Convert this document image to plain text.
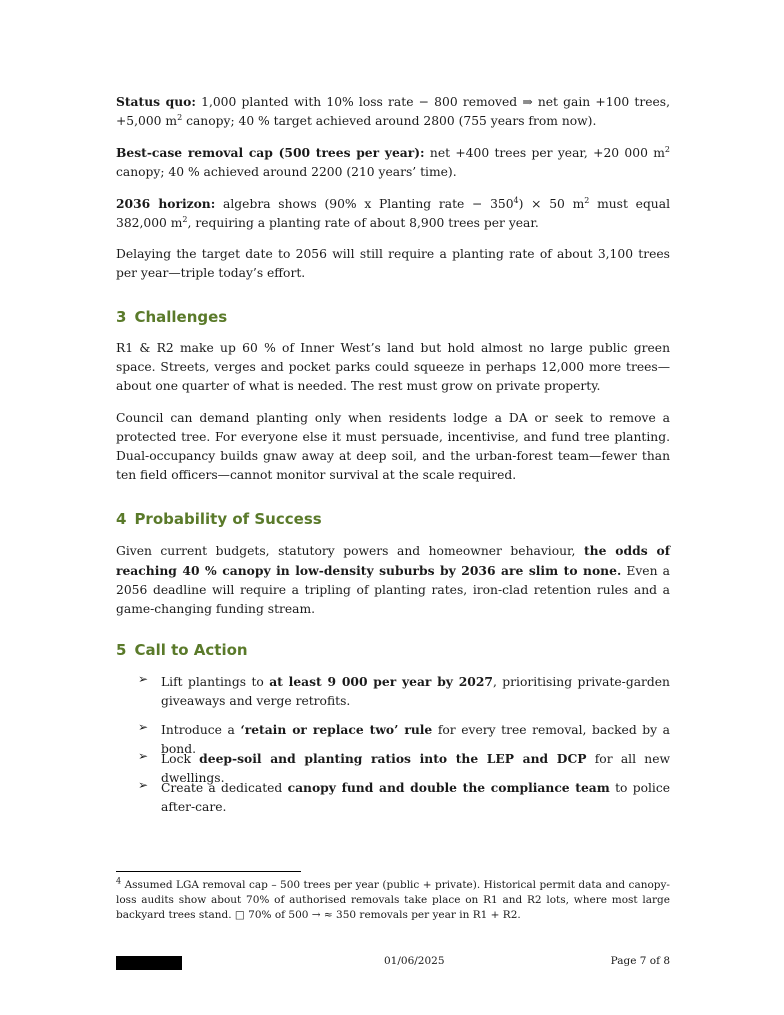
Status quo: 1,000 planted with 10% loss rate − 800 removed ⇒ net gain +100 trees, +5,000 $m^2$ canopy; 40 % target achieved around 2800 (755 years from now).

Best-case removal cap (500 trees per year): net +400 trees per year, +20 000 $m^2$ canopy; 40 % achieved around 2200 (210 years’ time).

2036 horizon: algebra shows (90% x Planting rate − $350^4) \times 50$ $m^2$ must equal 382,000 $m^2$, requiring a planting rate of about 8,900 trees per year.

Delaying the target date to 2056 will still require a planting rate of about 3,100 trees per year—triple today’s effort.

3 Challenges

R1 & R2 make up 60 % of Inner West’s land but hold almost no large public green space. Streets, verges and pocket parks could squeeze in perhaps 12,000 more trees—about one quarter of what is needed. The rest must grow on private property.

Council can demand planting only when residents lodge a DA or seek to remove a protected tree. For everyone else it must persuade, incentivise, and fund tree planting. Dual-occupancy builds gnaw away at deep soil, and the urban-forest team—fewer than ten field officers—cannot monitor survival at the scale required.

4 Probability of Success

Given current budgets, statutory powers and homeowner behaviour, the odds of reaching 40 % canopy in low-density suburbs by 2036 are slim to none. Even a 2056 deadline will require a tripling of planting rates, iron-clad retention rules and a game-changing funding stream.

5 Call to Action
➢ Lift plantings to at least 9 000 per year by 2027, prioritising private-garden giveaways and verge retrofits.
➢ Introduce a ‘retain or replace two’ rule for every tree removal, backed by a bond.
➢ Lock deep-soil and planting ratios into the LEP and DCP for all new dwellings.
➢ Create a dedicated canopy fund and double the compliance team to police after-care.

$^4$ Assumed LGA removal cap – 500 trees per year (public + private). Historical permit data and canopy-loss audits show about 70% of authorised removals take place on R1 and R2 lots, where most large backyard trees stand. □ 70% of 500 → ≈ 350 removals per year in R1 + R2.

01/06/2025	Page 7 of 8
